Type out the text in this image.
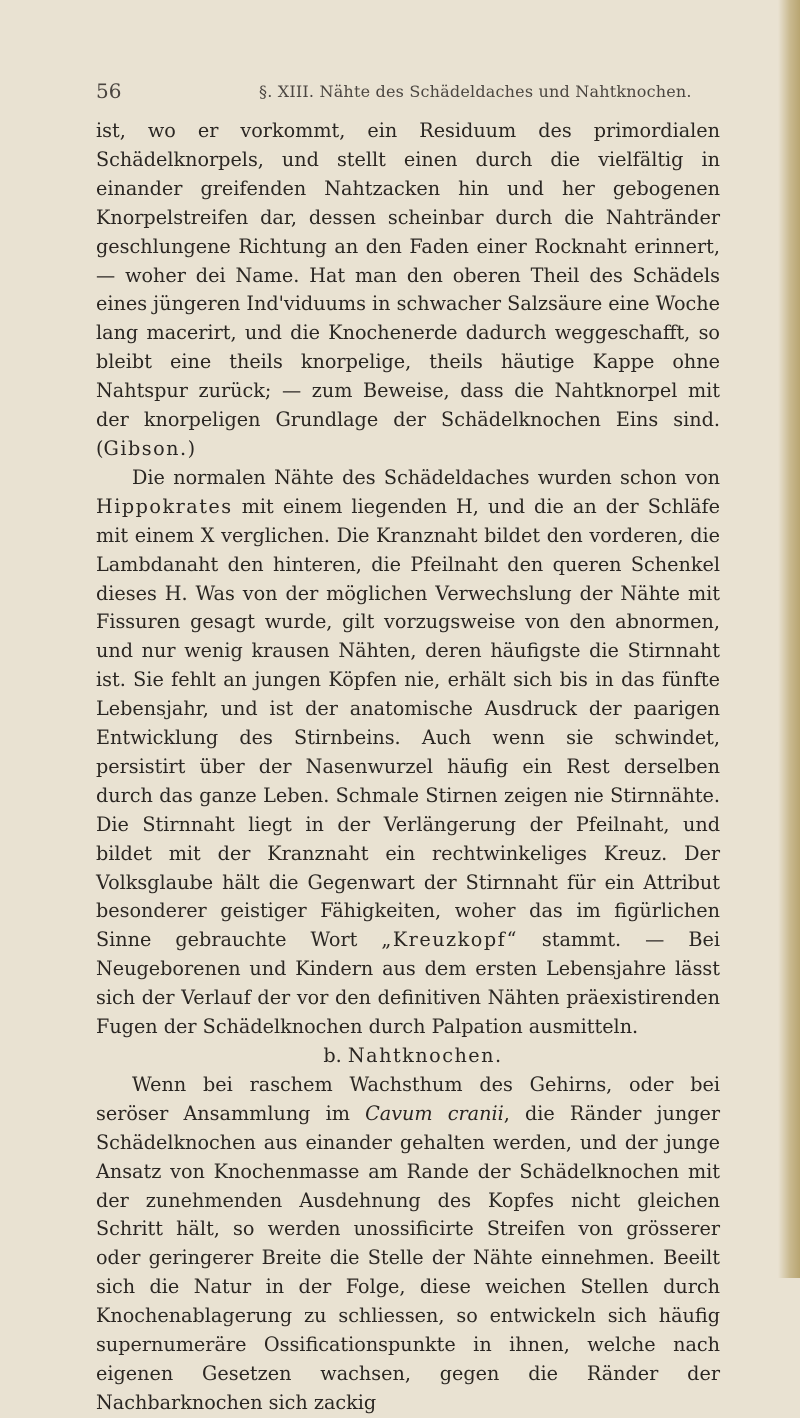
56	§. XIII. Nähte des Schädeldaches und Nahtknochen.

ist, wo er vorkommt, ein Residuum des primordialen Schädelknorpels, und stellt einen durch die vielfältig in einander greifenden Nahtzacken hin und her gebogenen Knorpelstreifen dar, dessen scheinbar durch die Nahtränder geschlungene Richtung an den Faden einer Rocknaht erinnert, — woher dei Name. Hat man den oberen Theil des Schädels eines jüngeren Ind'viduums in schwacher Salzsäure eine Woche lang macerirt, und die Knochenerde dadurch weggeschafft, so bleibt eine theils knorpelige, theils häutige Kappe ohne Nahtspur zurück; — zum Beweise, dass die Nahtknorpel mit der knorpeligen Grundlage der Schädelknochen Eins sind. (Gibson.)

Die normalen Nähte des Schädeldaches wurden schon von Hippokrates mit einem liegenden H, und die an der Schläfe mit einem X verglichen. Die Kranznaht bildet den vorderen, die Lambdanaht den hinteren, die Pfeilnaht den queren Schenkel dieses H. Was von der möglichen Verwechslung der Nähte mit Fissuren gesagt wurde, gilt vorzugsweise von den abnormen, und nur wenig krausen Nähten, deren häufigste die Stirnnaht ist. Sie fehlt an jungen Köpfen nie, erhält sich bis in das fünfte Lebensjahr, und ist der anatomische Ausdruck der paarigen Entwicklung des Stirnbeins. Auch wenn sie schwindet, persistirt über der Nasenwurzel häufig ein Rest derselben durch das ganze Leben. Schmale Stirnen zeigen nie Stirnnähte. Die Stirnnaht liegt in der Verlängerung der Pfeilnaht, und bildet mit der Kranznaht ein rechtwinkeliges Kreuz. Der Volksglaube hält die Gegenwart der Stirnnaht für ein Attribut besonderer geistiger Fähigkeiten, woher das im figürlichen Sinne gebrauchte Wort „Kreuzkopf“ stammt. — Bei Neugeborenen und Kindern aus dem ersten Lebensjahre lässt sich der Verlauf der vor den definitiven Nähten präexistirenden Fugen der Schädelknochen durch Palpation ausmitteln.

b. Nahtknochen.

Wenn bei raschem Wachsthum des Gehirns, oder bei seröser Ansammlung im Cavum cranii, die Ränder junger Schädelknochen aus einander gehalten werden, und der junge Ansatz von Knochenmasse am Rande der Schädelknochen mit der zunehmenden Ausdehnung des Kopfes nicht gleichen Schritt hält, so werden unossificirte Streifen von grösserer oder geringerer Breite die Stelle der Nähte einnehmen. Beeilt sich die Natur in der Folge, diese weichen Stellen durch Knochenablagerung zu schliessen, so entwickeln sich häufig supernumeräre Ossificationspunkte in ihnen, welche nach eigenen Gesetzen wachsen, gegen die Ränder der Nachbarknochen sich zackig
